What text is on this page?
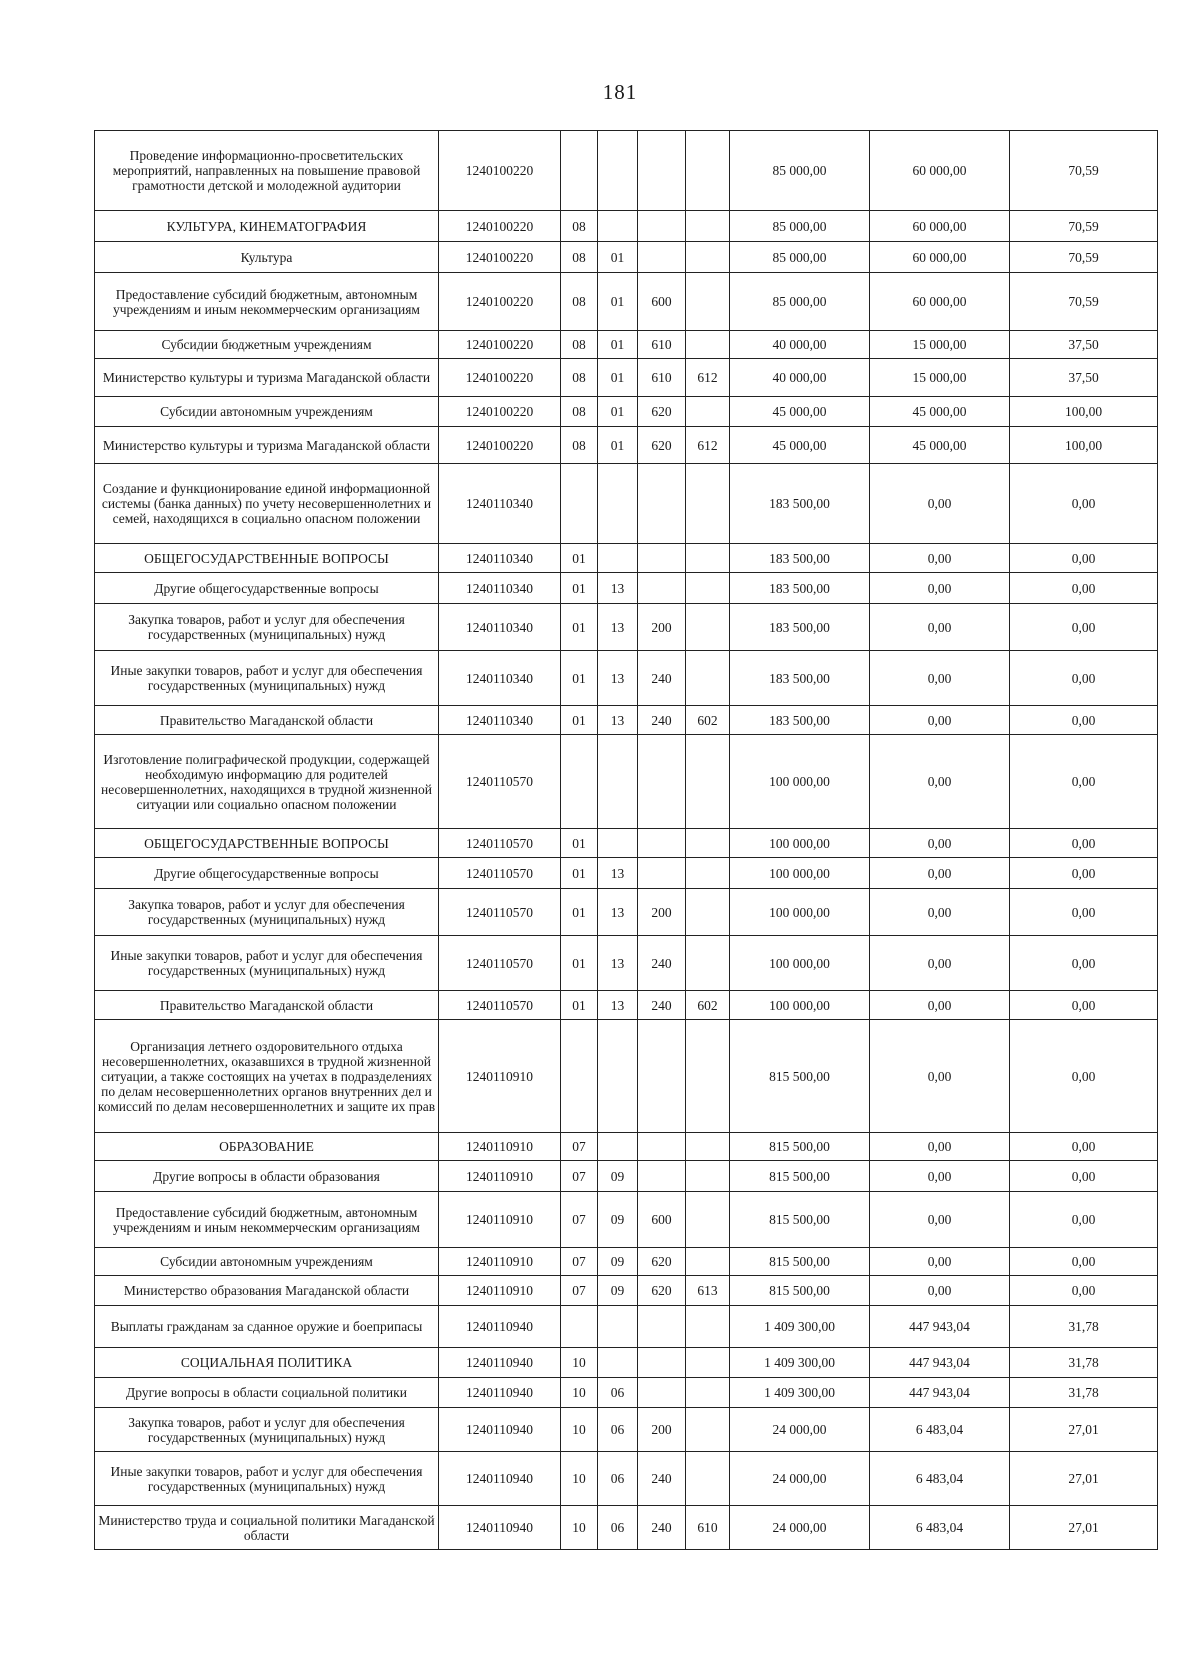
181
Проведение информационно-просветительских мероприятий, направленных на повышение правовой грамотности детской и молодежной аудитории	1240100220					85 000,00	60 000,00	70,59
КУЛЬТУРА, КИНЕМАТОГРАФИЯ	1240100220	08				85 000,00	60 000,00	70,59
Культура	1240100220	08	01			85 000,00	60 000,00	70,59
Предоставление субсидий бюджетным, автономным учреждениям и иным некоммерческим организациям	1240100220	08	01	600		85 000,00	60 000,00	70,59
Субсидии бюджетным учреждениям	1240100220	08	01	610		40 000,00	15 000,00	37,50
Министерство культуры и туризма Магаданской области	1240100220	08	01	610	612	40 000,00	15 000,00	37,50
Субсидии автономным учреждениям	1240100220	08	01	620		45 000,00	45 000,00	100,00
Министерство культуры и туризма Магаданской области	1240100220	08	01	620	612	45 000,00	45 000,00	100,00
Создание и функционирование единой информационной системы (банка данных) по учету несовершеннолетних и семей, находящихся в социально опасном положении	1240110340					183 500,00	0,00	0,00
ОБЩЕГОСУДАРСТВЕННЫЕ ВОПРОСЫ	1240110340	01				183 500,00	0,00	0,00
Другие общегосударственные вопросы	1240110340	01	13			183 500,00	0,00	0,00
Закупка товаров, работ и услуг для обеспечения государственных (муниципальных) нужд	1240110340	01	13	200		183 500,00	0,00	0,00
Иные закупки товаров, работ и услуг для обеспечения государственных (муниципальных) нужд	1240110340	01	13	240		183 500,00	0,00	0,00
Правительство Магаданской области	1240110340	01	13	240	602	183 500,00	0,00	0,00
Изготовление полиграфической продукции, содержащей необходимую информацию для родителей несовершеннолетних, находящихся в трудной жизненной ситуации или социально опасном положении	1240110570					100 000,00	0,00	0,00
ОБЩЕГОСУДАРСТВЕННЫЕ ВОПРОСЫ	1240110570	01				100 000,00	0,00	0,00
Другие общегосударственные вопросы	1240110570	01	13			100 000,00	0,00	0,00
Закупка товаров, работ и услуг для обеспечения государственных (муниципальных) нужд	1240110570	01	13	200		100 000,00	0,00	0,00
Иные закупки товаров, работ и услуг для обеспечения государственных (муниципальных) нужд	1240110570	01	13	240		100 000,00	0,00	0,00
Правительство Магаданской области	1240110570	01	13	240	602	100 000,00	0,00	0,00
Организация летнего оздоровительного отдыха несовершеннолетних, оказавшихся в трудной жизненной ситуации, а также состоящих на учетах в подразделениях по делам несовершеннолетних органов внутренних дел и комиссий по делам несовершеннолетних и защите их прав	1240110910					815 500,00	0,00	0,00
ОБРАЗОВАНИЕ	1240110910	07				815 500,00	0,00	0,00
Другие вопросы в области образования	1240110910	07	09			815 500,00	0,00	0,00
Предоставление субсидий бюджетным, автономным учреждениям и иным некоммерческим организациям	1240110910	07	09	600		815 500,00	0,00	0,00
Субсидии автономным учреждениям	1240110910	07	09	620		815 500,00	0,00	0,00
Министерство образования Магаданской области	1240110910	07	09	620	613	815 500,00	0,00	0,00
Выплаты гражданам за сданное оружие и боеприпасы	1240110940					1 409 300,00	447 943,04	31,78
СОЦИАЛЬНАЯ ПОЛИТИКА	1240110940	10				1 409 300,00	447 943,04	31,78
Другие вопросы в области социальной политики	1240110940	10	06			1 409 300,00	447 943,04	31,78
Закупка товаров, работ и услуг для обеспечения государственных (муниципальных) нужд	1240110940	10	06	200		24 000,00	6 483,04	27,01
Иные закупки товаров, работ и услуг для обеспечения государственных (муниципальных) нужд	1240110940	10	06	240		24 000,00	6 483,04	27,01
Министерство труда и социальной политики Магаданской области	1240110940	10	06	240	610	24 000,00	6 483,04	27,01
